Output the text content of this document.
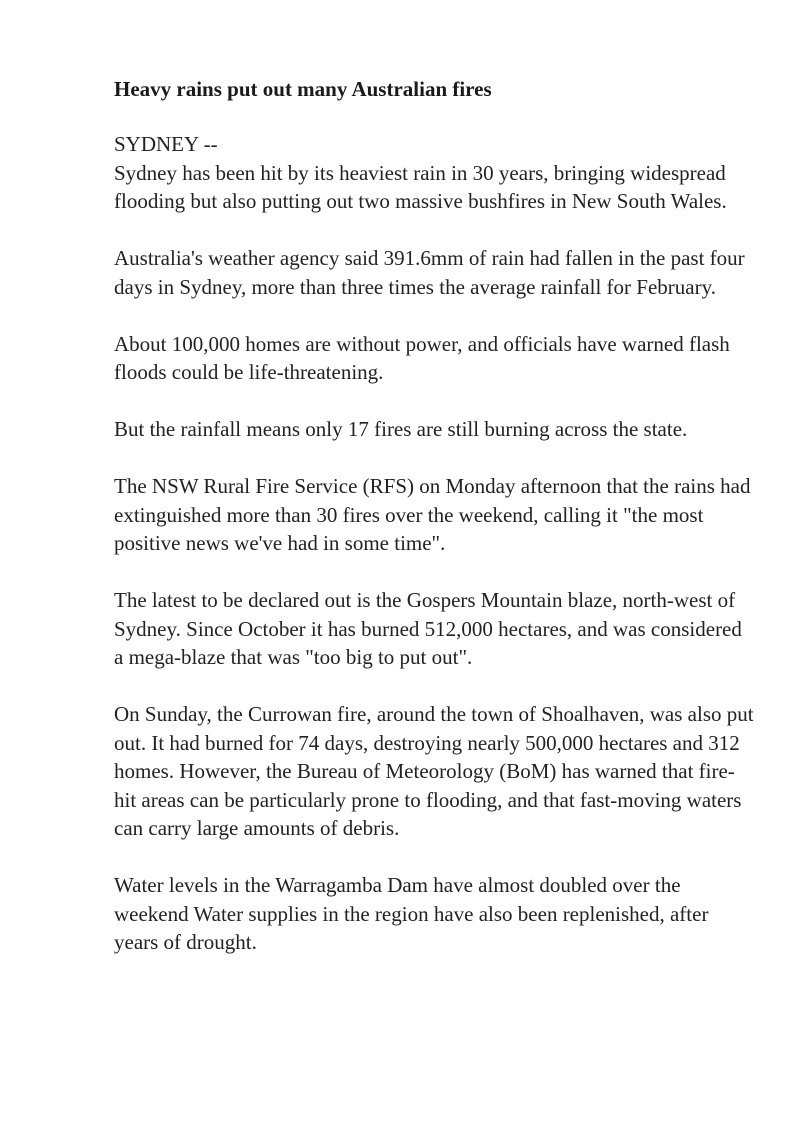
Heavy rains put out many Australian fires

SYDNEY --

Sydney has been hit by its heaviest rain in 30 years, bringing widespread flooding but also putting out two massive bushfires in New South Wales.

Australia's weather agency said 391.6mm of rain had fallen in the past four days in Sydney, more than three times the average rainfall for February.

About 100,000 homes are without power, and officials have warned flash floods could be life-threatening.

But the rainfall means only 17 fires are still burning across the state.

The NSW Rural Fire Service (RFS) on Monday afternoon that the rains had extinguished more than 30 fires over the weekend, calling it "the most positive news we've had in some time".

The latest to be declared out is the Gospers Mountain blaze, north-west of Sydney. Since October it has burned 512,000 hectares, and was considered a mega-blaze that was "too big to put out".

On Sunday, the Currowan fire, around the town of Shoalhaven, was also put out. It had burned for 74 days, destroying nearly 500,000 hectares and 312 homes. However, the Bureau of Meteorology (BoM) has warned that fire-hit areas can be particularly prone to flooding, and that fast-moving waters can carry large amounts of debris.

Water levels in the Warragamba Dam have almost doubled over the weekend Water supplies in the region have also been replenished, after years of drought.
